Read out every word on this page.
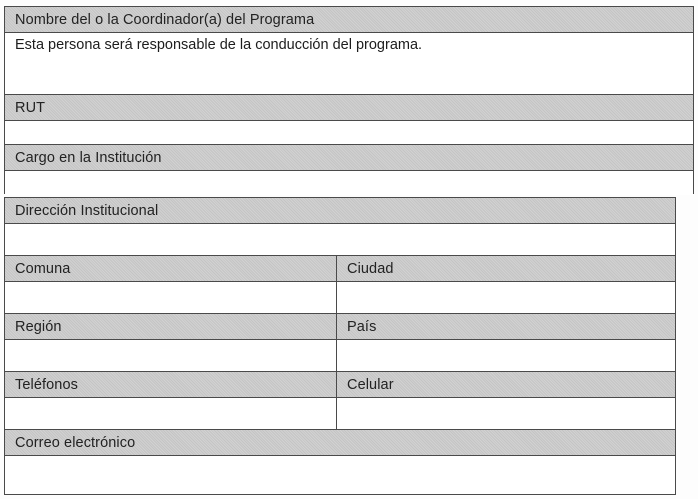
Nombre del o la Coordinador(a) del Programa
Esta persona será responsable de la conducción del programa.
RUT
Cargo en la Institución
Dirección Institucional
Comuna	Ciudad
Región	País
Teléfonos	Celular
Correo electrónico
